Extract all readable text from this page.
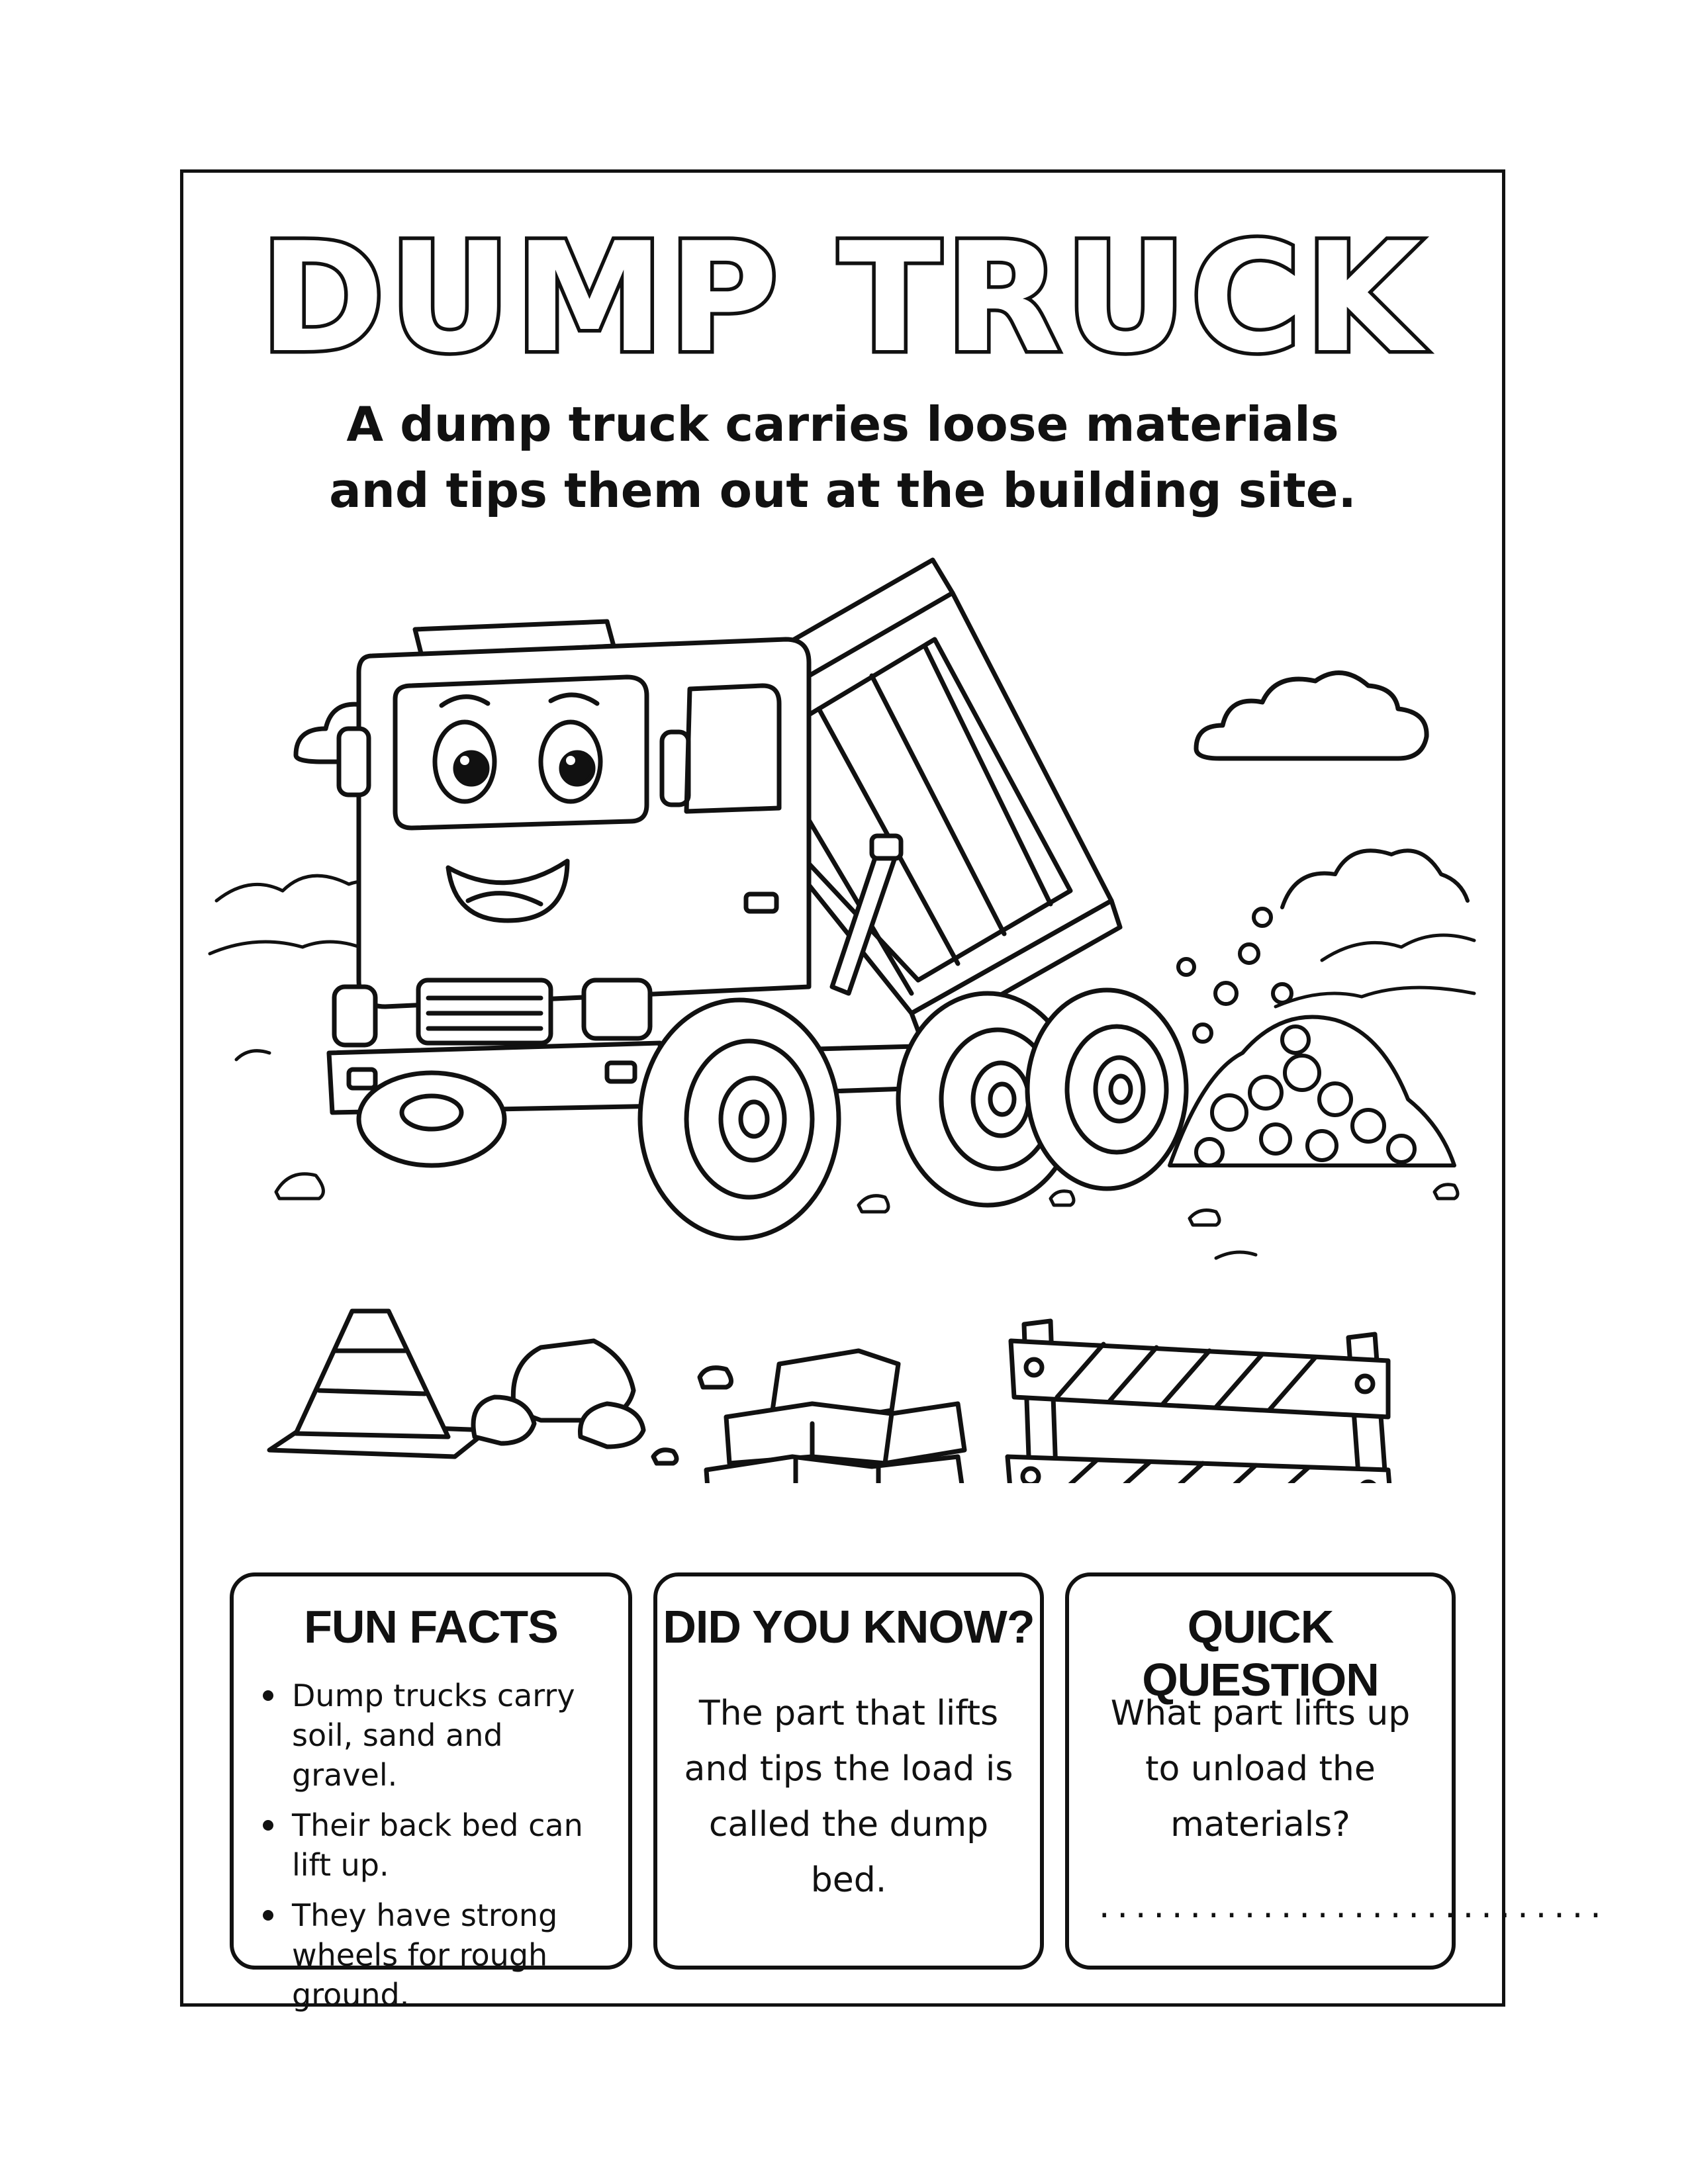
DUMP TRUCK
A dump truck carries loose materials
and tips them out at the building site.
FUN FACTS
Dump trucks carry soil, sand and gravel.
Their back bed can lift up.
They have strong wheels for rough ground.
DID YOU KNOW?

The part that lifts and tips the load is called the dump bed.

QUICK QUESTION

What part lifts up to unload the materials?

............................
